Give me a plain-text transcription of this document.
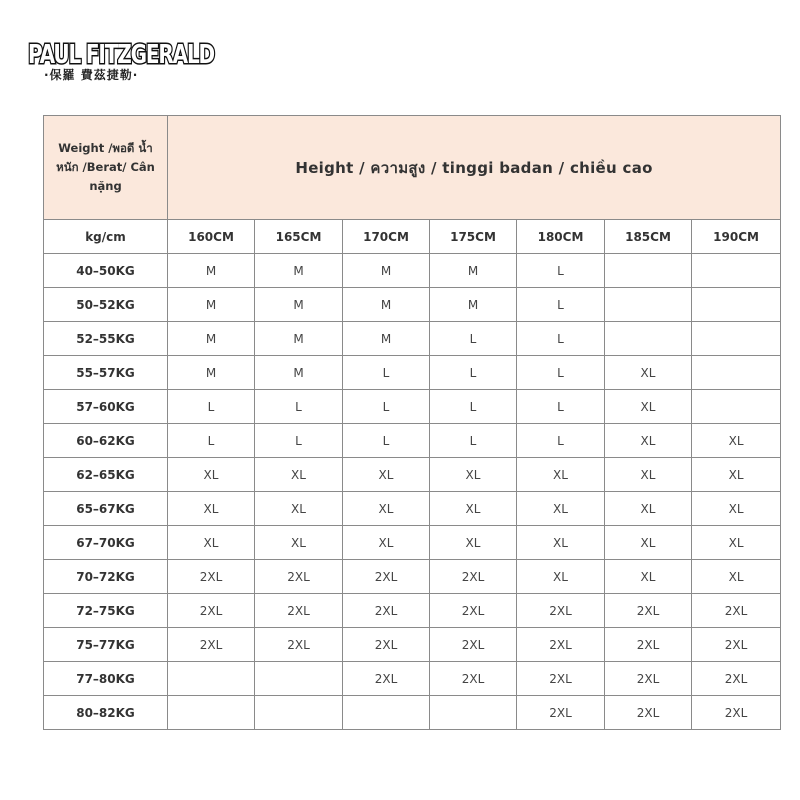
PAUL FITZGERALD
·保羅 費茲捷勒·
Weight /พอดี น้ำหนัก /Berat/ Cân nặng	Height / ความสูง / tinggi badan / chiều cao						
kg/cm	160CM	165CM	170CM	175CM	180CM	185CM	190CM
40–50KG	M	M	M	M	L		
50–52KG	M	M	M	M	L		
52–55KG	M	M	M	L	L		
55–57KG	M	M	L	L	L	XL	
57–60KG	L	L	L	L	L	XL	
60–62KG	L	L	L	L	L	XL	XL
62–65KG	XL	XL	XL	XL	XL	XL	XL
65–67KG	XL	XL	XL	XL	XL	XL	XL
67–70KG	XL	XL	XL	XL	XL	XL	XL
70–72KG	2XL	2XL	2XL	2XL	XL	XL	XL
72–75KG	2XL	2XL	2XL	2XL	2XL	2XL	2XL
75–77KG	2XL	2XL	2XL	2XL	2XL	2XL	2XL
77–80KG			2XL	2XL	2XL	2XL	2XL
80–82KG					2XL	2XL	2XL
